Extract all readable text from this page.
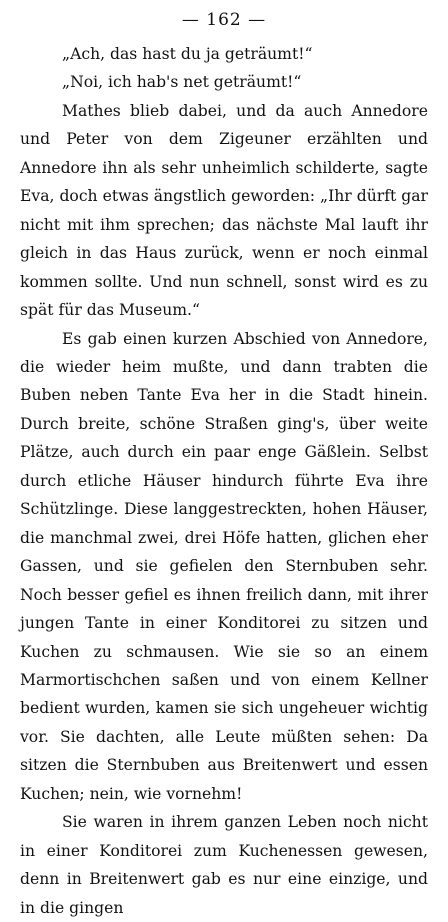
— 162 —

„Ach, das hast du ja geträumt!“

„Noi, ich hab's net geträumt!“

Mathes blieb dabei, und da auch Annedore und Peter von dem Zigeuner erzählten und Annedore ihn als sehr unheimlich schilderte, sagte Eva, doch etwas ängstlich geworden: „Ihr dürft gar nicht mit ihm sprechen; das nächste Mal lauft ihr gleich in das Haus zurück, wenn er noch einmal kommen sollte. Und nun schnell, sonst wird es zu spät für das Museum.“

Es gab einen kurzen Abschied von Annedore, die wieder heim mußte, und dann trabten die Buben neben Tante Eva her in die Stadt hinein. Durch breite, schöne Straßen ging's, über weite Plätze, auch durch ein paar enge Gäßlein. Selbst durch etliche Häuser hindurch führte Eva ihre Schützlinge. Diese langgestreckten, hohen Häuser, die manchmal zwei, drei Höfe hatten, glichen eher Gassen, und sie gefielen den Sternbuben sehr. Noch besser gefiel es ihnen freilich dann, mit ihrer jungen Tante in einer Konditorei zu sitzen und Kuchen zu schmausen. Wie sie so an einem Marmortischchen saßen und von einem Kellner bedient wurden, kamen sie sich ungeheuer wichtig vor. Sie dachten, alle Leute müßten sehen: Da sitzen die Sternbuben aus Breitenwert und essen Kuchen; nein, wie vornehm!

Sie waren in ihrem ganzen Leben noch nicht in einer Konditorei zum Kuchenessen gewesen, denn in Breitenwert gab es nur eine einzige, und in die gingen
